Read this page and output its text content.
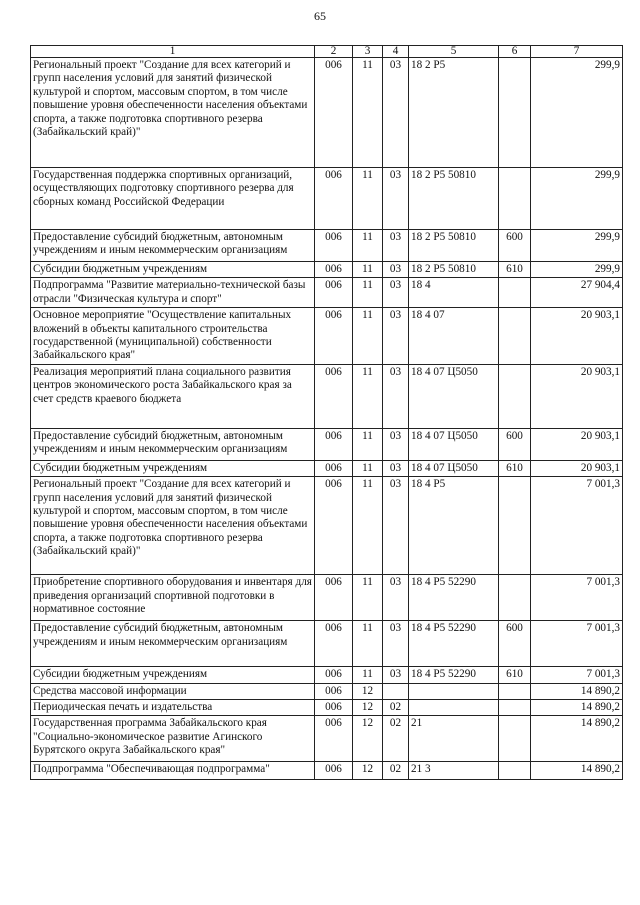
65
1	2	3	4	5	6	7
Региональный проект "Создание для всех категорий и групп населения условий для занятий физической культурой и спортом, массовым спортом, в том числе повышение уровня обеспеченности населения объектами спорта, а также подготовка спортивного резерва (Забайкальский край)"	006	11	03	18 2 P5		299,9
Государственная поддержка спортивных организаций, осуществляющих подготовку спортивного резерва для сборных команд Российской Федерации	006	11	03	18 2 P5 50810		299,9
Предоставление субсидий бюджетным, автономным учреждениям и иным некоммерческим организациям	006	11	03	18 2 P5 50810	600	299,9
Субсидии бюджетным учреждениям	006	11	03	18 2 P5 50810	610	299,9
Подпрограмма "Развитие материально-технической базы отрасли "Физическая культура и спорт"	006	11	03	18 4		27 904,4
Основное мероприятие "Осуществление капитальных вложений в объекты капитального строительства государственной (муниципальной) собственности Забайкальского края"	006	11	03	18 4 07		20 903,1
Реализация мероприятий плана социального развития центров экономического роста Забайкальского края за счет средств краевого бюджета	006	11	03	18 4 07 Ц5050		20 903,1
Предоставление субсидий бюджетным, автономным учреждениям и иным некоммерческим организациям	006	11	03	18 4 07 Ц5050	600	20 903,1
Субсидии бюджетным учреждениям	006	11	03	18 4 07 Ц5050	610	20 903,1
Региональный проект "Создание для всех категорий и групп населения условий для занятий физической культурой и спортом, массовым спортом, в том числе повышение уровня обеспеченности населения объектами спорта, а также подготовка спортивного резерва (Забайкальский край)"	006	11	03	18 4 P5		7 001,3
Приобретение спортивного оборудования и инвентаря для приведения организаций спортивной подготовки в нормативное состояние	006	11	03	18 4 P5 52290		7 001,3
Предоставление субсидий бюджетным, автономным учреждениям и иным некоммерческим организациям	006	11	03	18 4 P5 52290	600	7 001,3
Субсидии бюджетным учреждениям	006	11	03	18 4 P5 52290	610	7 001,3
Средства массовой информации	006	12				14 890,2
Периодическая печать и издательства	006	12	02			14 890,2
Государственная программа Забайкальского края "Социально-экономическое развитие Агинского Бурятского округа Забайкальского края"	006	12	02	21		14 890,2
Подпрограмма "Обеспечивающая подпрограмма"	006	12	02	21 3		14 890,2
